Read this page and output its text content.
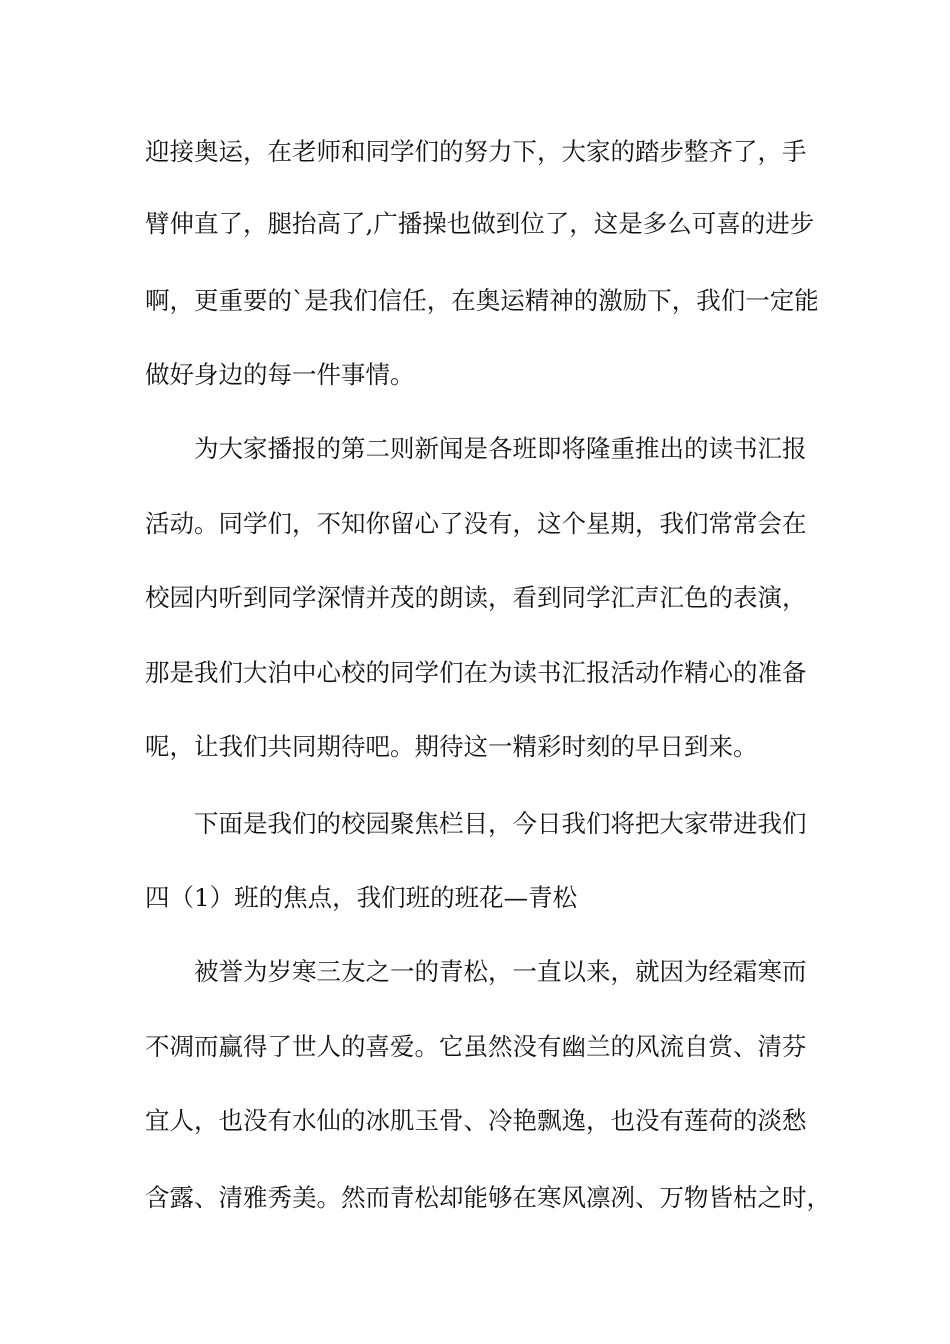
迎接奥运，在老师和同学们的努力下，大家的踏步整齐了，手

臂伸直了，腿抬高了,广播操也做到位了，这是多么可喜的进步

啊，更重要的`是我们信任，在奥运精神的激励下，我们一定能

做好身边的每一件事情。

为大家播报的第二则新闻是各班即将隆重推出的读书汇报

活动。同学们，不知你留心了没有，这个星期，我们常常会在

校园内听到同学深情并茂的朗读，看到同学汇声汇色的表演，

那是我们大泊中心校的同学们在为读书汇报活动作精心的准备

呢，让我们共同期待吧。期待这一精彩时刻的早日到来。

下面是我们的校园聚焦栏目，今日我们将把大家带进我们

四（1）班的焦点，我们班的班花—青松

被誉为岁寒三友之一的青松，一直以来，就因为经霜寒而

不凋而赢得了世人的喜爱。它虽然没有幽兰的风流自赏、清芬

宜人，也没有水仙的冰肌玉骨、冷艳飘逸，也没有莲荷的淡愁

含露、清雅秀美。然而青松却能够在寒风凛冽、万物皆枯之时，
